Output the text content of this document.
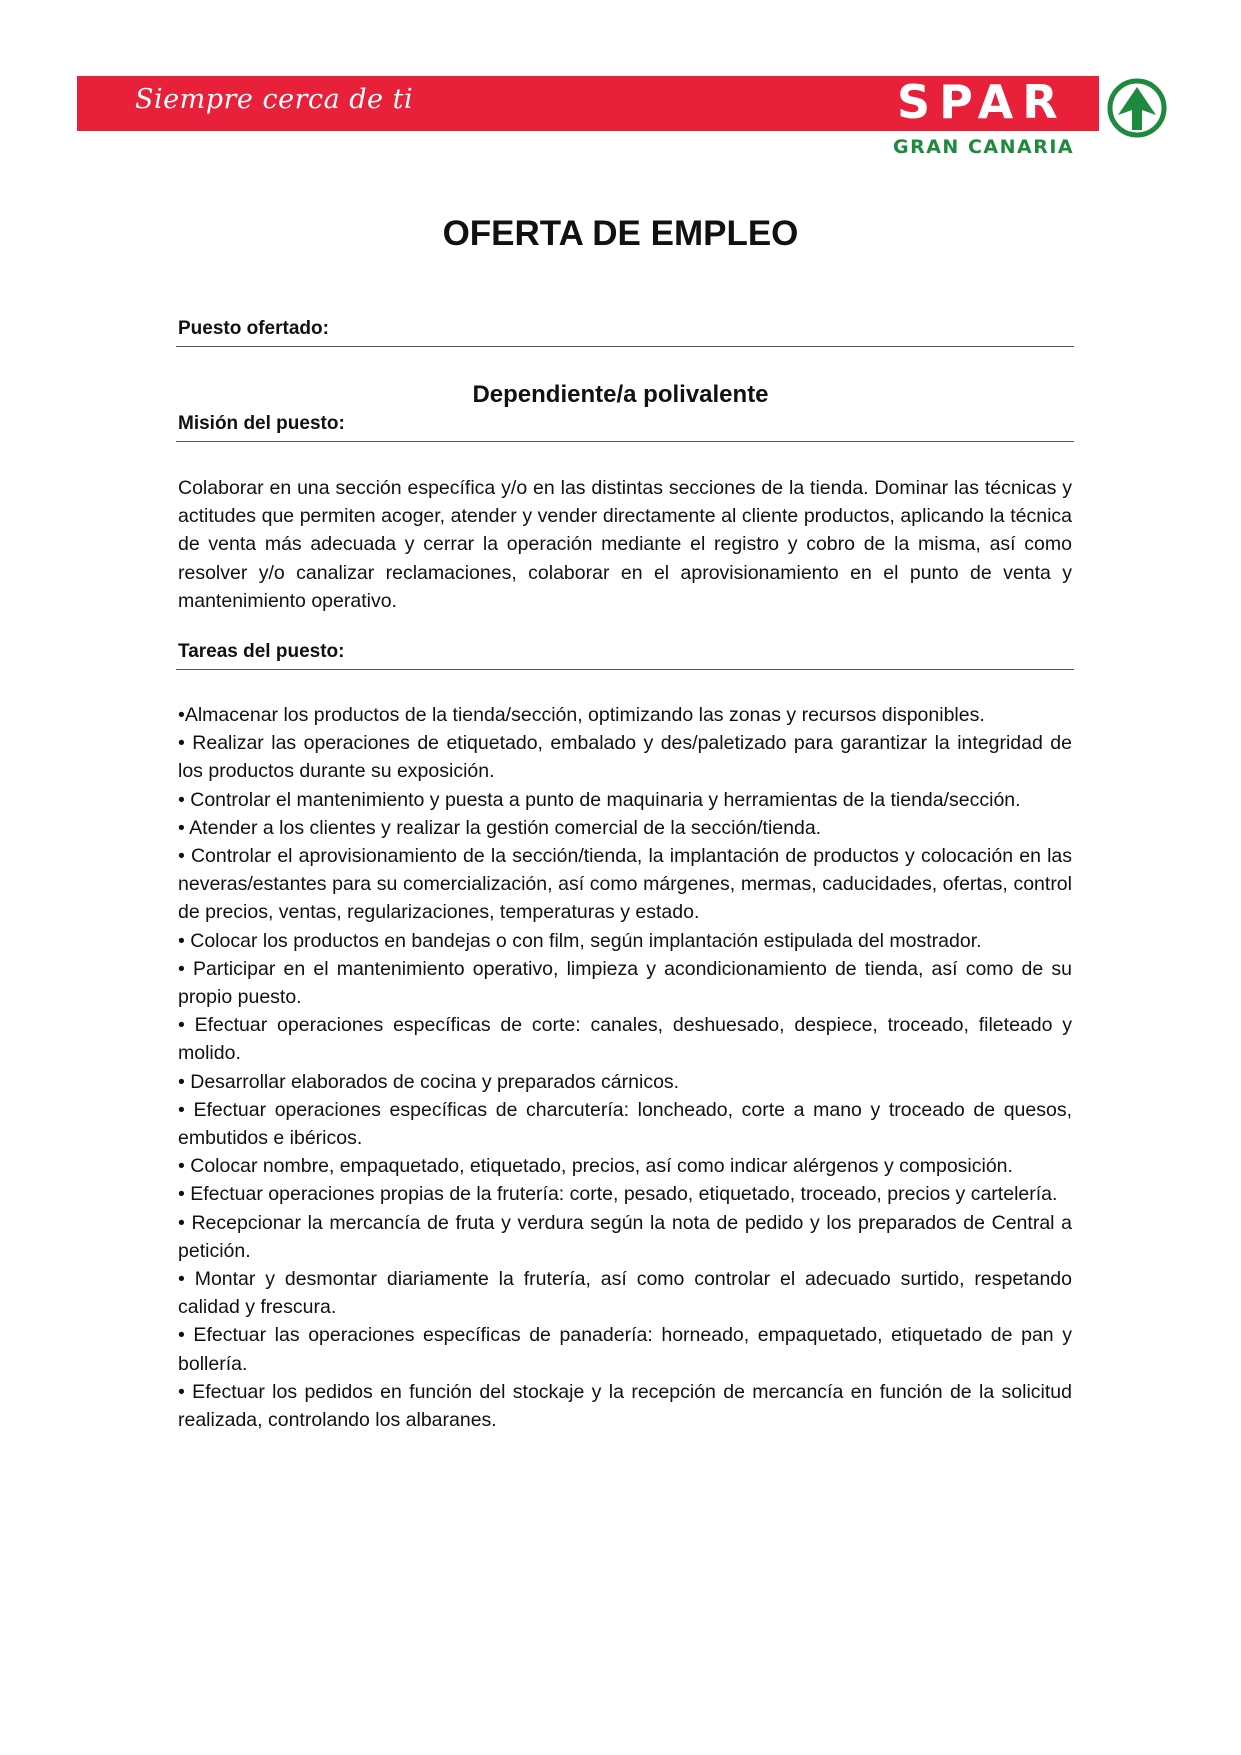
Siempre cerca de ti	SPAR
GRAN CANARIA
OFERTA DE EMPLEO
Puesto ofertado:
Dependiente/a polivalente
Misión del puesto:

Colaborar en una sección específica y/o en las distintas secciones de la tienda. Dominar las técnicas y actitudes que permiten acoger, atender y vender directamente al cliente productos, aplicando la técnica de venta más adecuada y cerrar la operación mediante el registro y cobro de la misma, así como resolver y/o canalizar reclamaciones, colaborar en el aprovisionamiento en el punto de venta y mantenimiento operativo.

Tareas del puesto:
•Almacenar los productos de la tienda/sección, optimizando las zonas y recursos disponibles.
• Realizar las operaciones de etiquetado, embalado y des/paletizado para garantizar la integridad de los productos durante su exposición.
• Controlar el mantenimiento y puesta a punto de maquinaria y herramientas de la tienda/sección.
• Atender a los clientes y realizar la gestión comercial de la sección/tienda.
• Controlar el aprovisionamiento de la sección/tienda, la implantación de productos y colocación en las neveras/estantes para su comercialización, así como márgenes, mermas, caducidades, ofertas, control de precios, ventas, regularizaciones, temperaturas y estado.
• Colocar los productos en bandejas o con film, según implantación estipulada del mostrador.
• Participar en el mantenimiento operativo, limpieza y acondicionamiento de tienda, así como de su propio puesto.
• Efectuar operaciones específicas de corte: canales, deshuesado, despiece, troceado, fileteado y molido.
• Desarrollar elaborados de cocina y preparados cárnicos.
• Efectuar operaciones específicas de charcutería: loncheado, corte a mano y troceado de quesos, embutidos e ibéricos.
• Colocar nombre, empaquetado, etiquetado, precios, así como indicar alérgenos y composición.
• Efectuar operaciones propias de la frutería: corte, pesado, etiquetado, troceado, precios y cartelería.
• Recepcionar la mercancía de fruta y verdura según la nota de pedido y los preparados de Central a petición.
• Montar y desmontar diariamente la frutería, así como controlar el adecuado surtido, respetando calidad y frescura.
• Efectuar las operaciones específicas de panadería: horneado, empaquetado, etiquetado de pan y bollería.
• Efectuar los pedidos en función del stockaje y la recepción de mercancía en función de la solicitud realizada, controlando los albaranes.
